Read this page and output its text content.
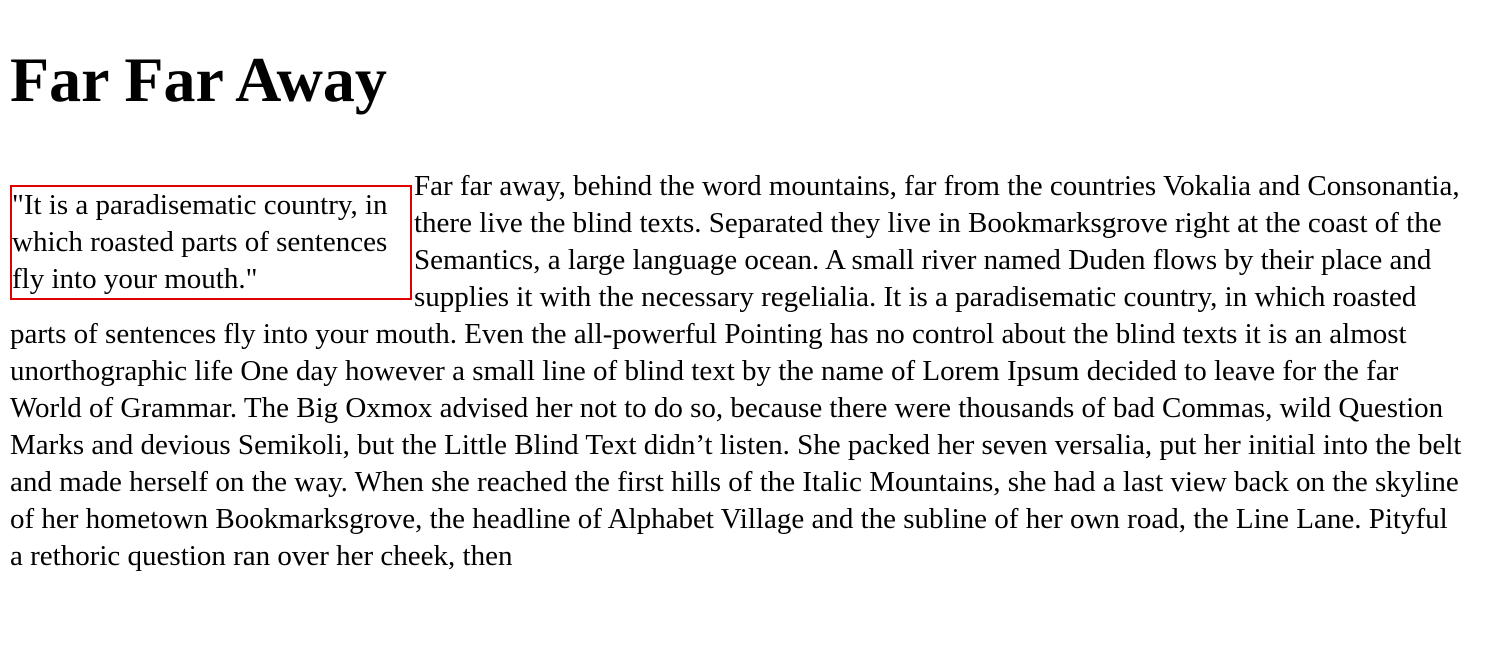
Far Far Away
"It is a paradisematic country, in which roasted parts of sentences fly into your mouth."
Far far away, behind the word mountains, far from the countries Vokalia and Consonantia, there live the blind texts. Separated they live in Bookmarksgrove right at the coast of the Semantics, a large language ocean. A small river named Duden flows by their place and supplies it with the necessary regelialia. It is a paradisematic country, in which roasted parts of sentences fly into your mouth. Even the all-powerful Pointing has no control about the blind texts it is an almost unorthographic life One day however a small line of blind text by the name of Lorem Ipsum decided to leave for the far World of Grammar. The Big Oxmox advised her not to do so, because there were thousands of bad Commas, wild Question Marks and devious Semikoli, but the Little Blind Text didn’t listen. She packed her seven versalia, put her initial into the belt and made herself on the way. When she reached the first hills of the Italic Mountains, she had a last view back on the skyline of her hometown Bookmarksgrove, the headline of Alphabet Village and the subline of her own road, the Line Lane. Pityful a rethoric question ran over her cheek, then
